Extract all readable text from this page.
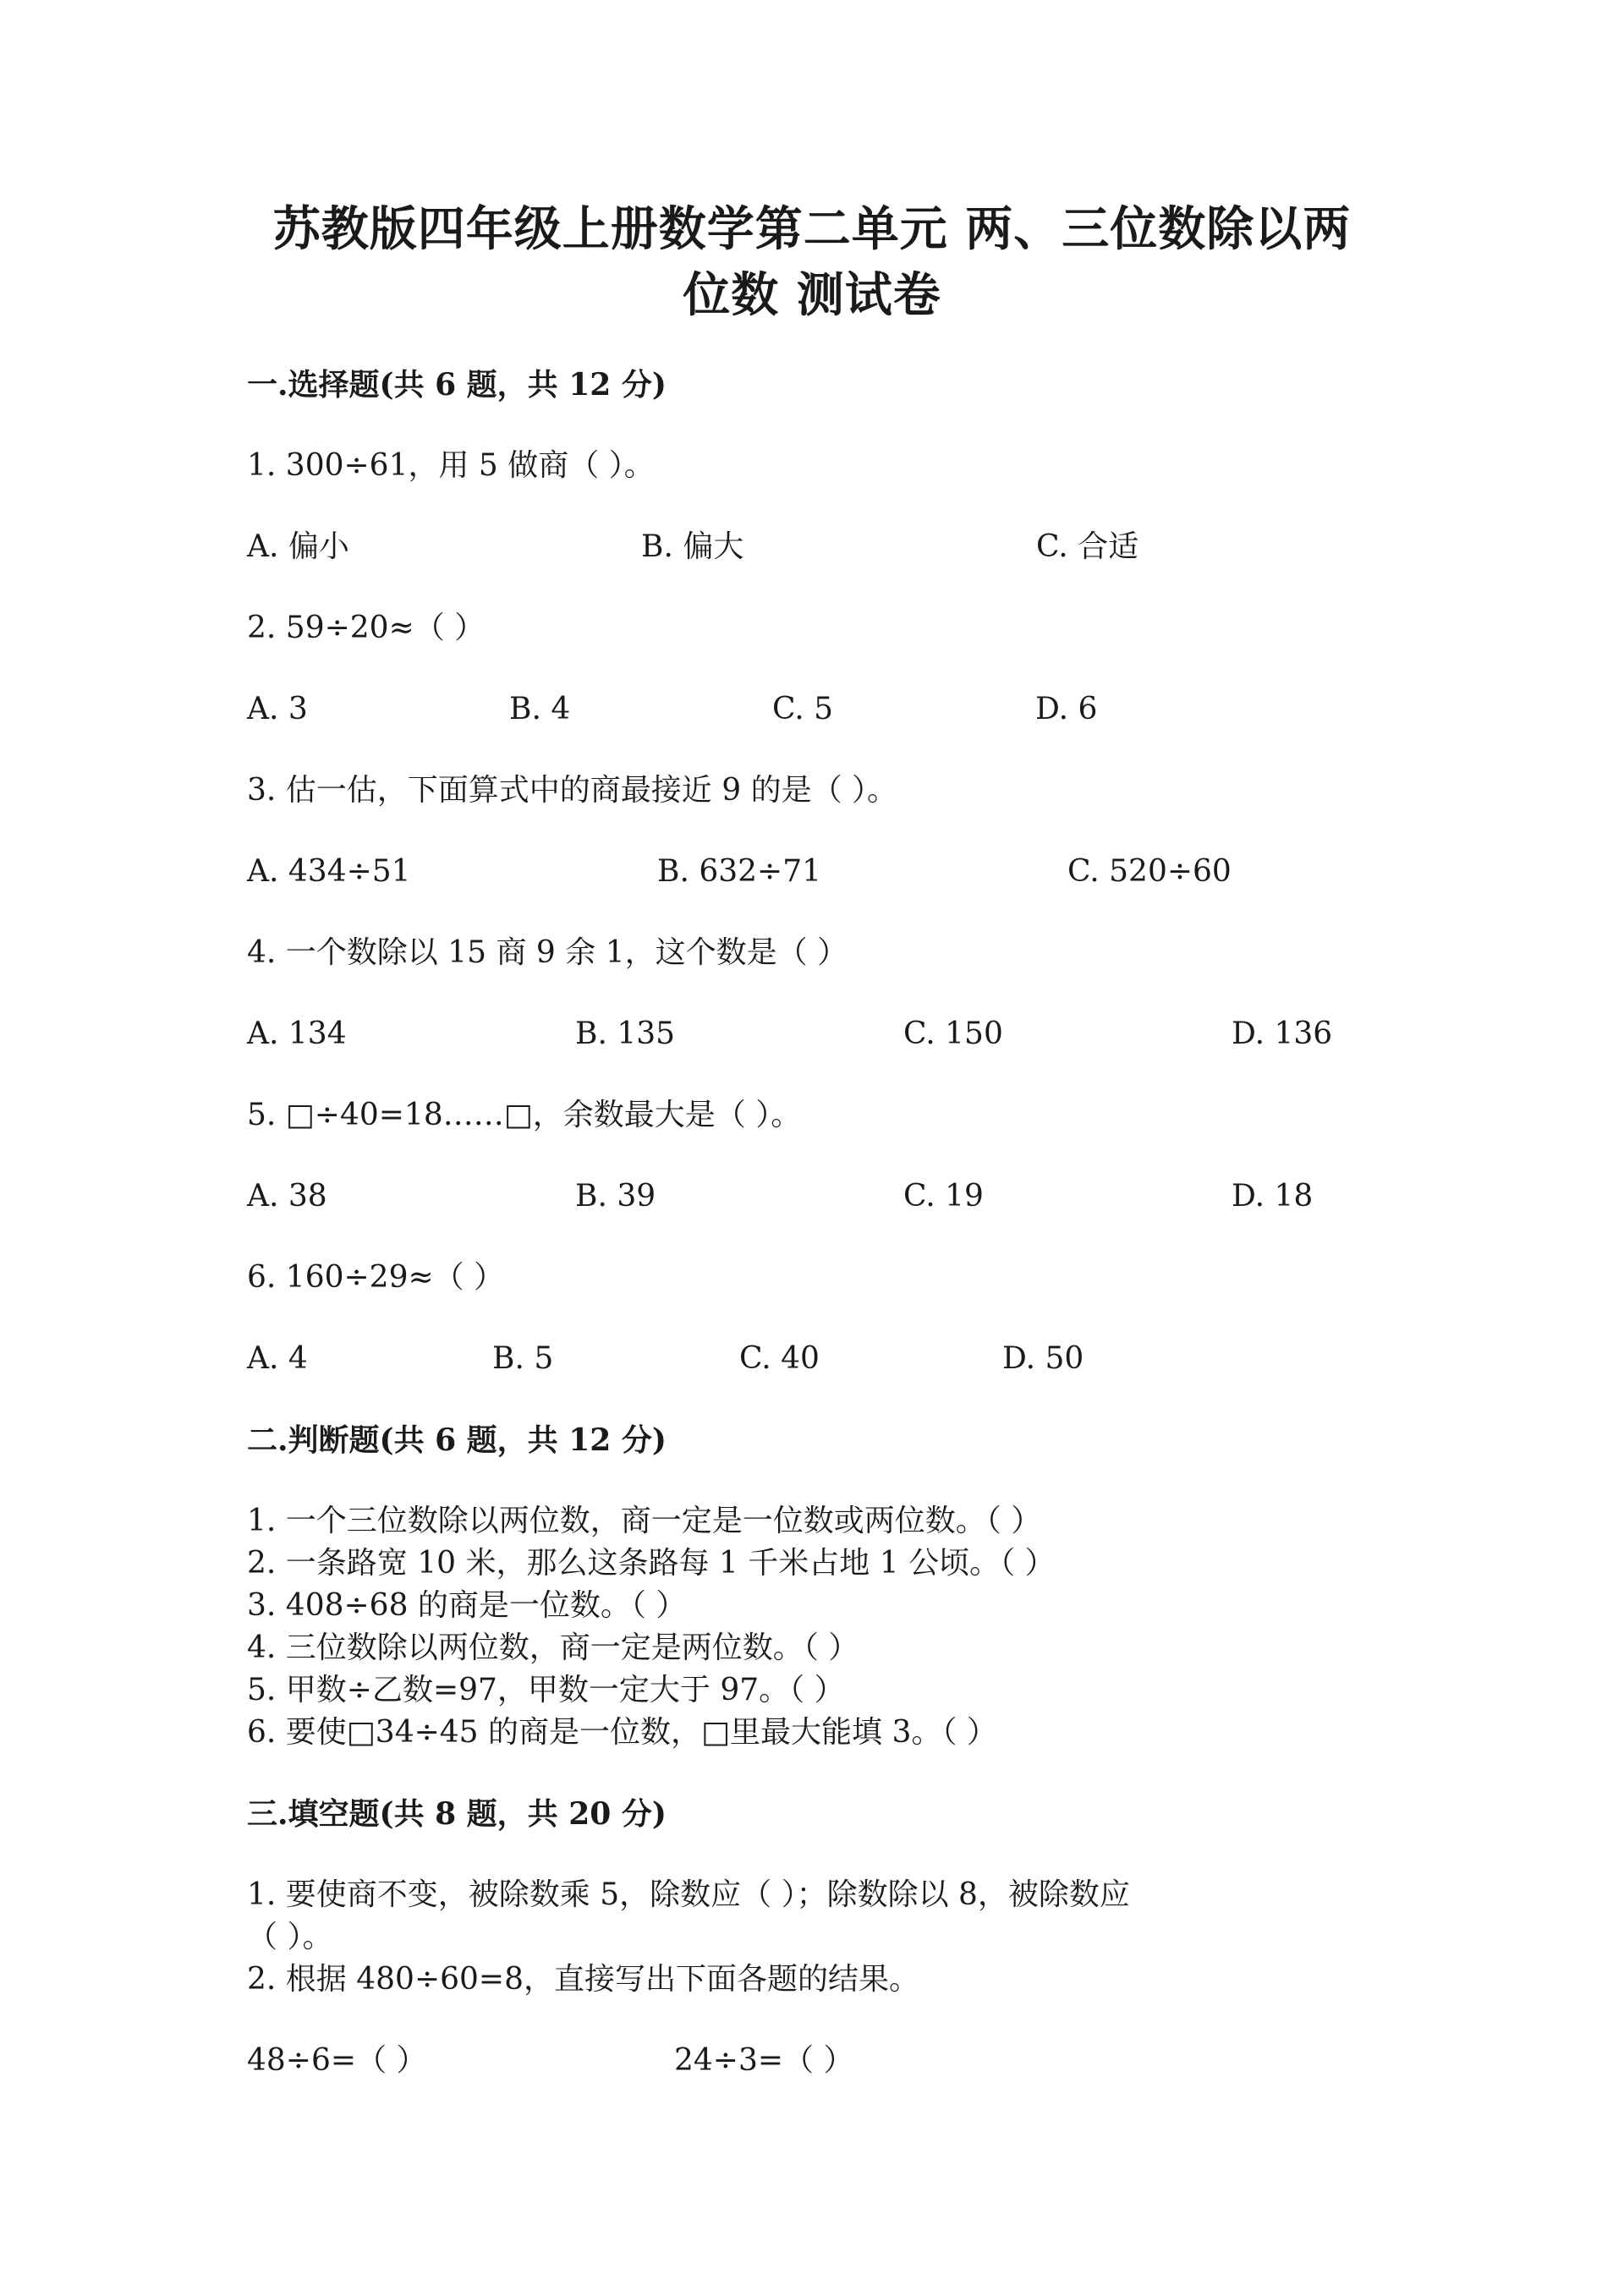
苏教版四年级上册数学第二单元 两、三位数除以两
位数 测试卷
一.选择题(共 6 题，共 12 分)
1. 300÷61，用 5 做商（ ）。
A. 偏小	B. 偏大	C. 合适
2. 59÷20≈（ ）
A. 3	B. 4	C. 5	D. 6
3. 估一估，下面算式中的商最接近 9 的是（ ）。
A. 434÷51	B. 632÷71	C. 520÷60
4. 一个数除以 15 商 9 余 1，这个数是（ ）
A. 134	B. 135	C. 150	D. 136
5. □÷40=18……□，余数最大是（ ）。
A. 38	B. 39	C. 19	D. 18
6. 160÷29≈（ ）
A. 4	B. 5	C. 40	D. 50
二.判断题(共 6 题，共 12 分)
1. 一个三位数除以两位数，商一定是一位数或两位数。（ ）
2. 一条路宽 10 米，那么这条路每 1 千米占地 1 公顷。（ ）
3. 408÷68 的商是一位数。（ ）
4. 三位数除以两位数，商一定是两位数。（ ）
5. 甲数÷乙数=97，甲数一定大于 97。（ ）
6. 要使□34÷45 的商是一位数，□里最大能填 3。（ ）
三.填空题(共 8 题，共 20 分)
1. 要使商不变，被除数乘 5，除数应（ ）；除数除以 8，被除数应
（ ）。
2. 根据 480÷60=8，直接写出下面各题的结果。
48÷6=（ ）	24÷3=（ ）
